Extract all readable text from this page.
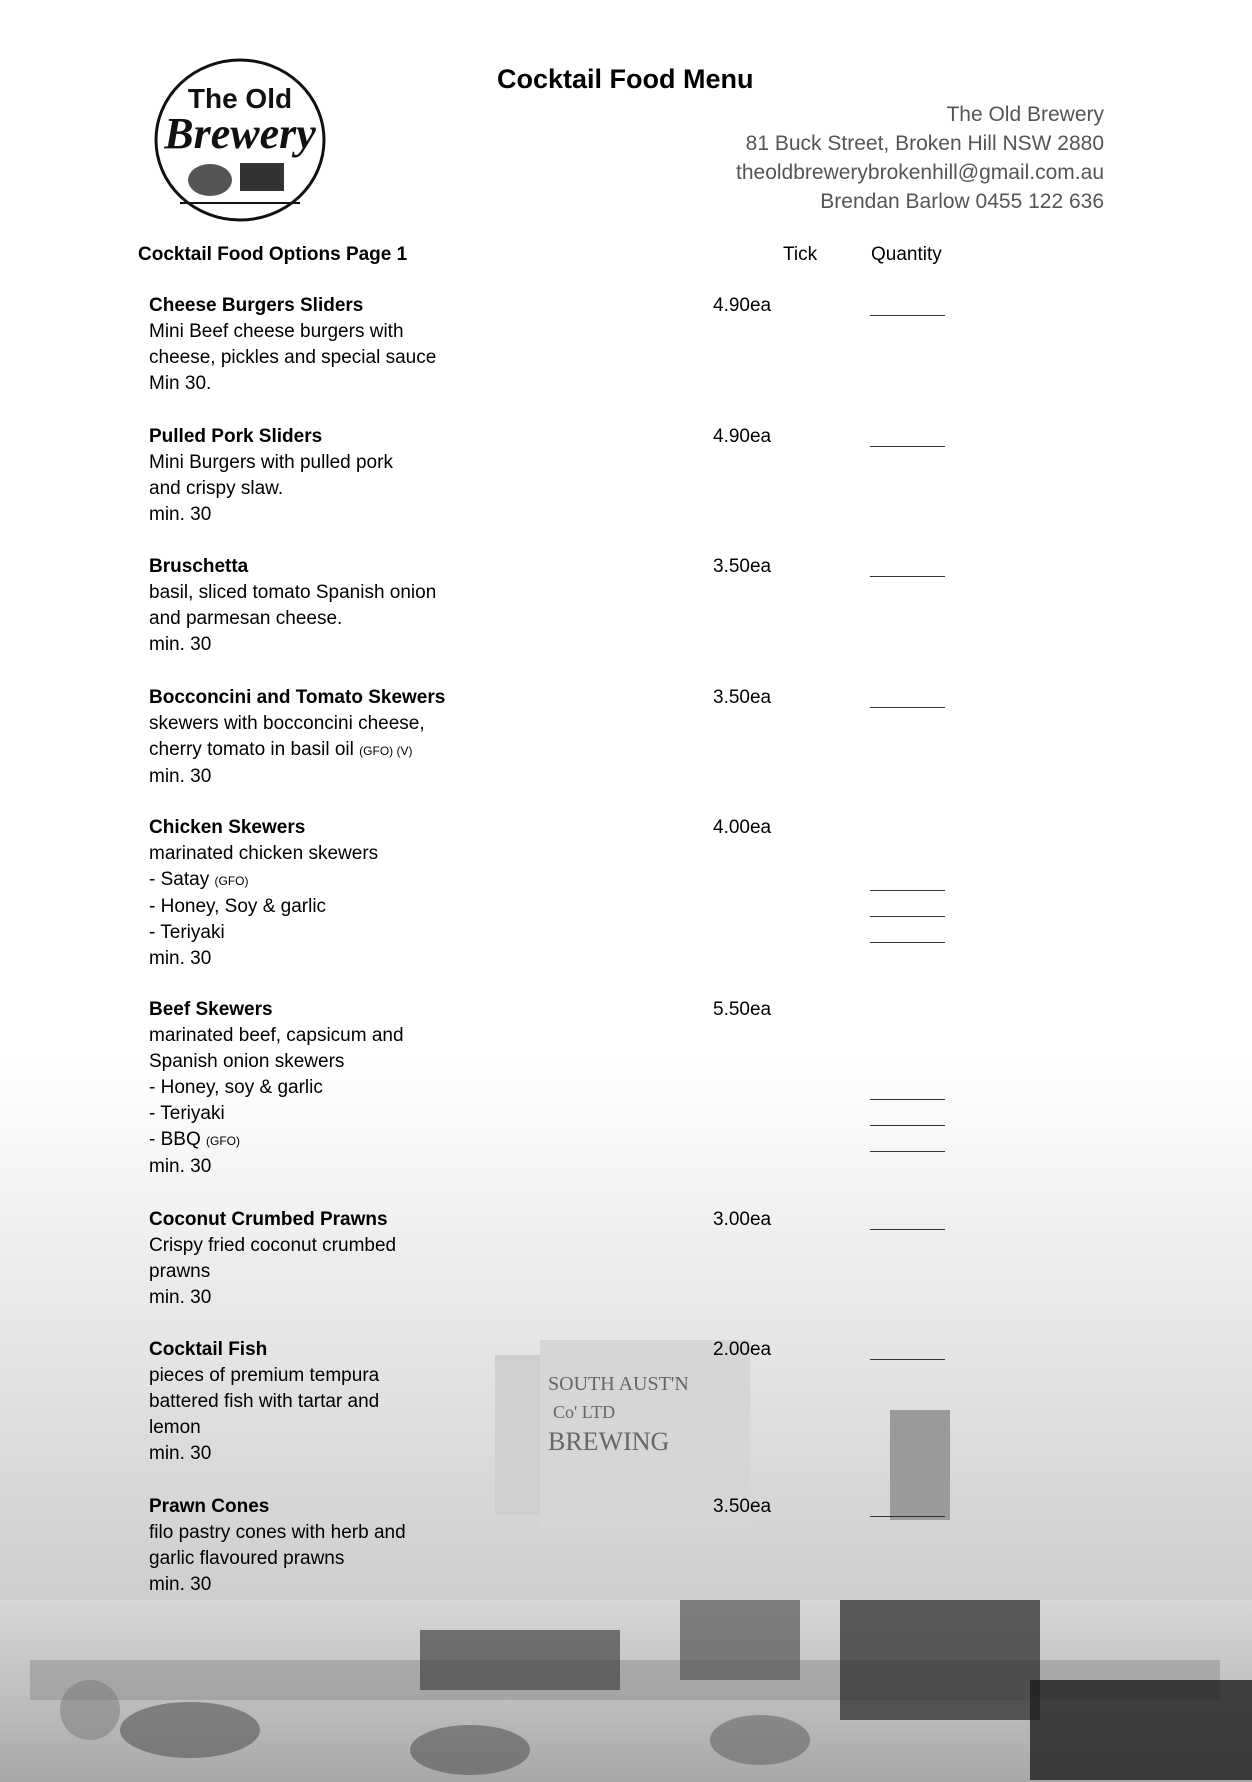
SOUTH AUST'N
Co' LTD
BREWING
The Old
Brewery
Cocktail Food Menu
The Old Brewery
81 Buck Street, Broken Hill NSW 2880
theoldbrewerybrokenhill@gmail.com.au
Brendan Barlow 0455 122 636
Cocktail Food Options Page 1	Tick	Quantity
Cheese Burgers Sliders
Mini Beef cheese burgers with
cheese, pickles and special sauce
Min 30.
4.90ea
Pulled Pork Sliders
Mini Burgers with pulled pork
and crispy slaw.
min. 30
4.90ea
Bruschetta
basil, sliced tomato Spanish onion
and parmesan cheese.
min. 30
3.50ea
Bocconcini and Tomato Skewers
skewers with bocconcini cheese,
cherry tomato in basil oil (GFO) (V)
min. 30
3.50ea
Chicken Skewers
marinated chicken skewers
- Satay (GFO)
- Honey, Soy & garlic
- Teriyaki
min. 30
4.00ea
Beef Skewers
marinated beef, capsicum and
Spanish onion skewers
- Honey, soy & garlic
- Teriyaki
- BBQ (GFO)
min. 30
5.50ea
Coconut Crumbed Prawns
Crispy fried coconut crumbed
prawns
min. 30
3.00ea
Cocktail Fish
pieces of premium tempura
battered fish with tartar and
lemon
min. 30
2.00ea
Prawn Cones
filo pastry cones with herb and
garlic flavoured prawns
min. 30
3.50ea
